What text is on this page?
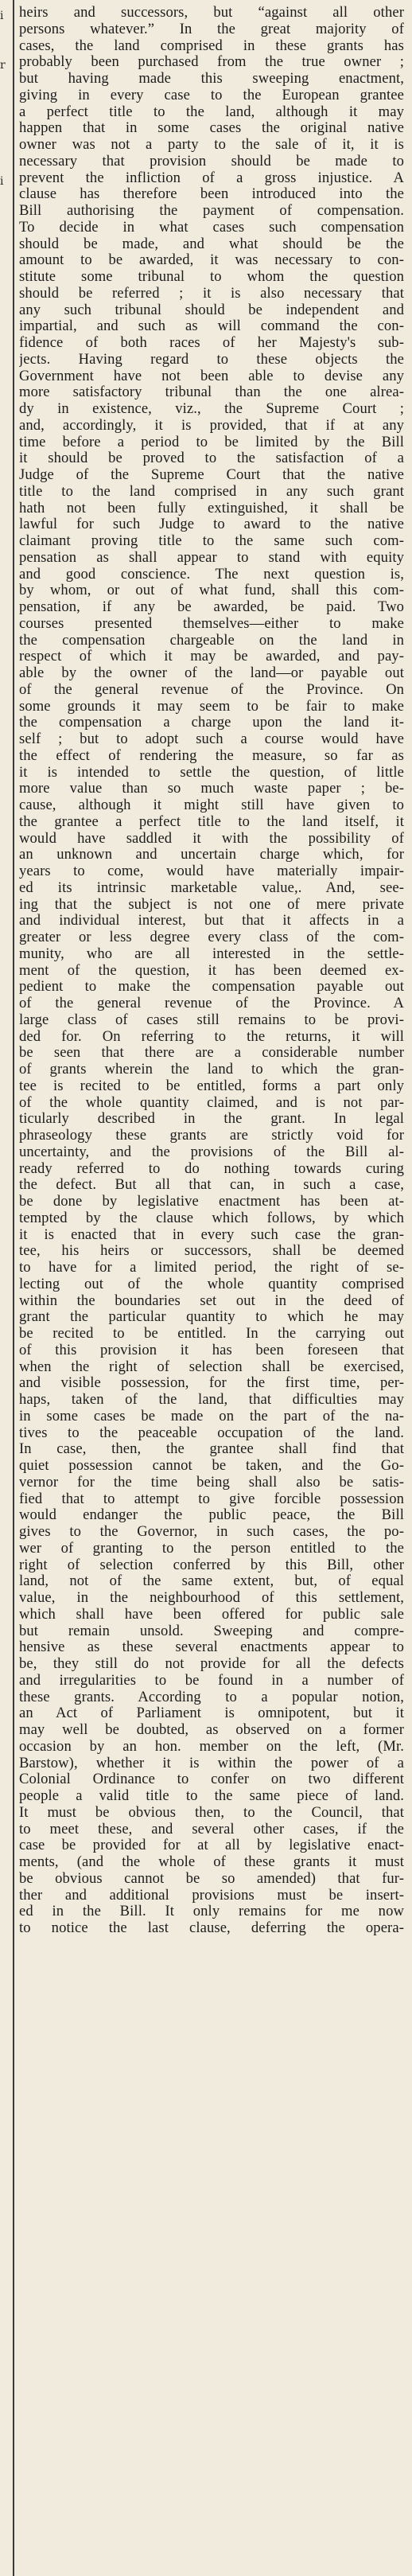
i
r
i
heirs and successors, but “against all other
persons whatever.” In the great majority of
cases, the land comprised in these grants has
probably been purchased from the true owner ;
but having made this sweeping enactment,
giving in every case to the European grantee
a perfect title to the land, although it may
happen that in some cases the original native
owner was not a party to the sale of it, it is
necessary that provision should be made to
prevent the infliction of a gross injustice. A
clause has therefore been introduced into the
Bill authorising the payment of compensation.
To decide in what cases such compensation
should be made, and what should be the
amount to be awarded, it was necessary to con-
stitute some tribunal to whom the question
should be referred ; it is also necessary that
any such tribunal should be independent and
impartial, and such as will command the con-
fidence of both races of her Majesty's sub-
jects. Having regard to these objects the
Government have not been able to devise any
more satisfactory tribunal than the one alrea-
dy in existence, viz., the Supreme Court ;
and, accordingly, it is provided, that if at any
time before a period to be limited by the Bill
it should be proved to the satisfaction of a
Judge of the Supreme Court that the native
title to the land comprised in any such grant
hath not been fully extinguished, it shall be
lawful for such Judge to award to the native
claimant proving title to the same such com-
pensation as shall appear to stand with equity
and good conscience. The next question is,
by whom, or out of what fund, shall this com-
pensation, if any be awarded, be paid. Two
courses presented themselves—either to make
the compensation chargeable on the land in
respect of which it may be awarded, and pay-
able by the owner of the land—or payable out
of the general revenue of the Province. On
some grounds it may seem to be fair to make
the compensation a charge upon the land it-
self ; but to adopt such a course would have
the effect of rendering the measure, so far as
it is intended to settle the question, of little
more value than so much waste paper ; be-
cause, although it might still have given to
the grantee a perfect title to the land itself, it
would have saddled it with the possibility of
an unknown and uncertain charge which, for
years to come, would have materially impair-
ed its intrinsic marketable value,. And, see-
ing that the subject is not one of mere private
and individual interest, but that it affects in a
greater or less degree every class of the com-
munity, who are all interested in the settle-
ment of the question, it has been deemed ex-
pedient to make the compensation payable out
of the general revenue of the Province. A
large class of cases still remains to be provi-
ded for. On referring to the returns, it will
be seen that there are a considerable number
of grants wherein the land to which the gran-
tee is recited to be entitled, forms a part only
of the whole quantity claimed, and is not par-
ticularly described in the grant. In legal
phraseology these grants are strictly void for
uncertainty, and the provisions of the Bill al-
ready referred to do nothing towards curing
the defect. But all that can, in such a case,
be done by legislative enactment has been at-
tempted by the clause which follows, by which
it is enacted that in every such case the gran-
tee, his heirs or successors, shall be deemed
to have for a limited period, the right of se-
lecting out of the whole quantity comprised
within the boundaries set out in the deed of
grant the particular quantity to which he may
be recited to be entitled. In the carrying out
of this provision it has been foreseen that
when the right of selection shall be exercised,
and visible possession, for the first time, per-
haps, taken of the land, that difficulties may
in some cases be made on the part of the na-
tives to the peaceable occupation of the land.
In case, then, the grantee shall find that
quiet possession cannot be taken, and the Go-
vernor for the time being shall also be satis-
fied that to attempt to give forcible possession
would endanger the public peace, the Bill
gives to the Governor, in such cases, the po-
wer of granting to the person entitled to the
right of selection conferred by this Bill, other
land, not of the same extent, but, of equal
value, in the neighbourhood of this settlement,
which shall have been offered for public sale
but remain unsold. Sweeping and compre-
hensive as these several enactments appear to
be, they still do not provide for all the defects
and irregularities to be found in a number of
these grants. According to a popular notion,
an Act of Parliament is omnipotent, but it
may well be doubted, as observed on a former
occasion by an hon. member on the left, (Mr.
Barstow), whether it is within the power of a
Colonial Ordinance to confer on two different
people a valid title to the same piece of land.
It must be obvious then, to the Council, that
to meet these, and several other cases, if the
case be provided for at all by legislative enact-
ments, (and the whole of these grants it must
be obvious cannot be so amended) that fur-
ther and additional provisions must be insert-
ed in the Bill. It only remains for me now
to notice the last clause, deferring the opera-
